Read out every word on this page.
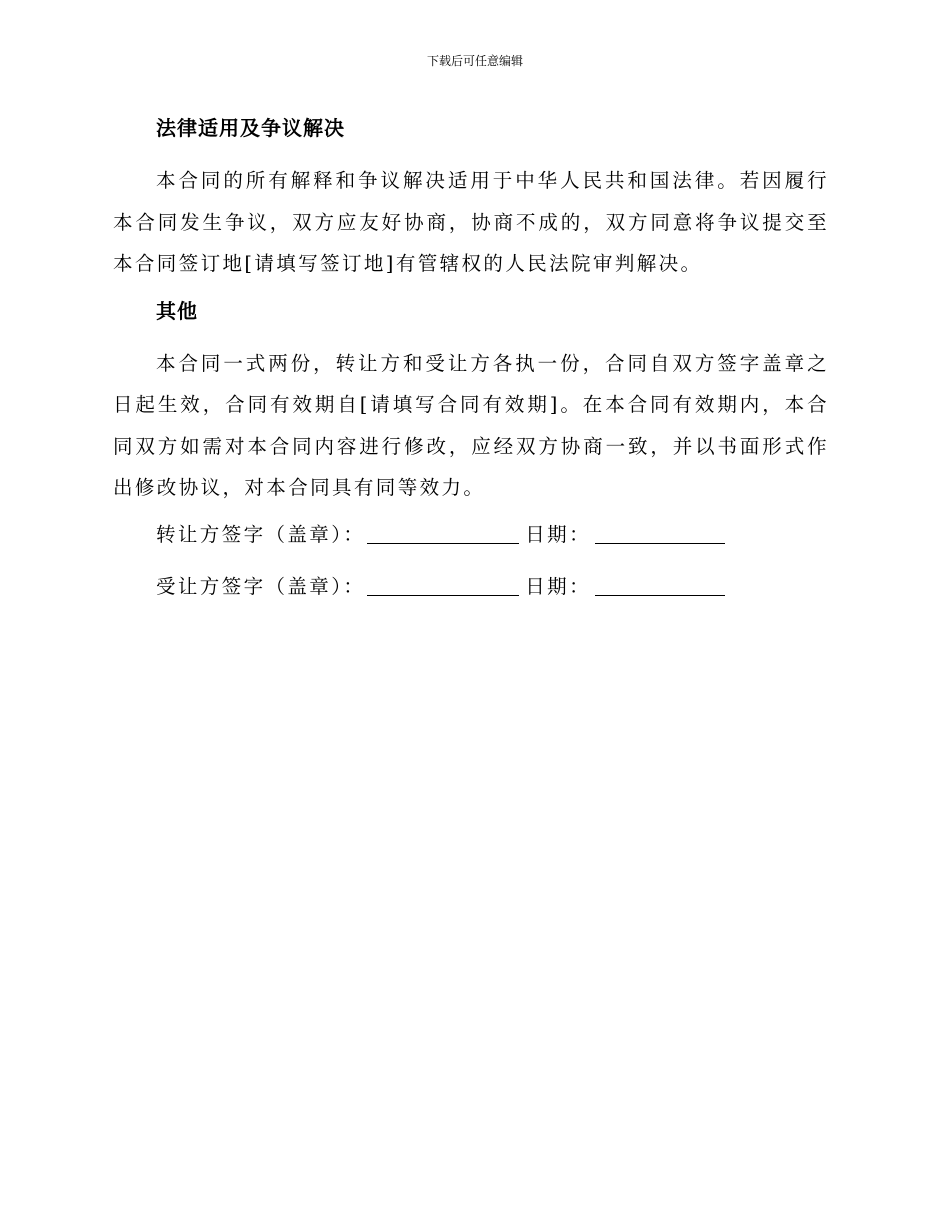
下载后可任意编辑
法律适用及争议解决

本合同的所有解释和争议解决适用于中华人民共和国法律。若因履行本合同发生争议，双方应友好协商，协商不成的，双方同意将争议提交至本合同签订地[请填写签订地]有管辖权的人民法院审判解决。

其他

本合同一式两份，转让方和受让方各执一份，合同自双方签字盖章之日起生效，合同有效期自[请填写合同有效期]。在本合同有效期内，本合同双方如需对本合同内容进行修改，应经双方协商一致，并以书面形式作出修改协议，对本合同具有同等效力。

转让方签字（盖章）：	日期：
受让方签字（盖章）：	日期：
